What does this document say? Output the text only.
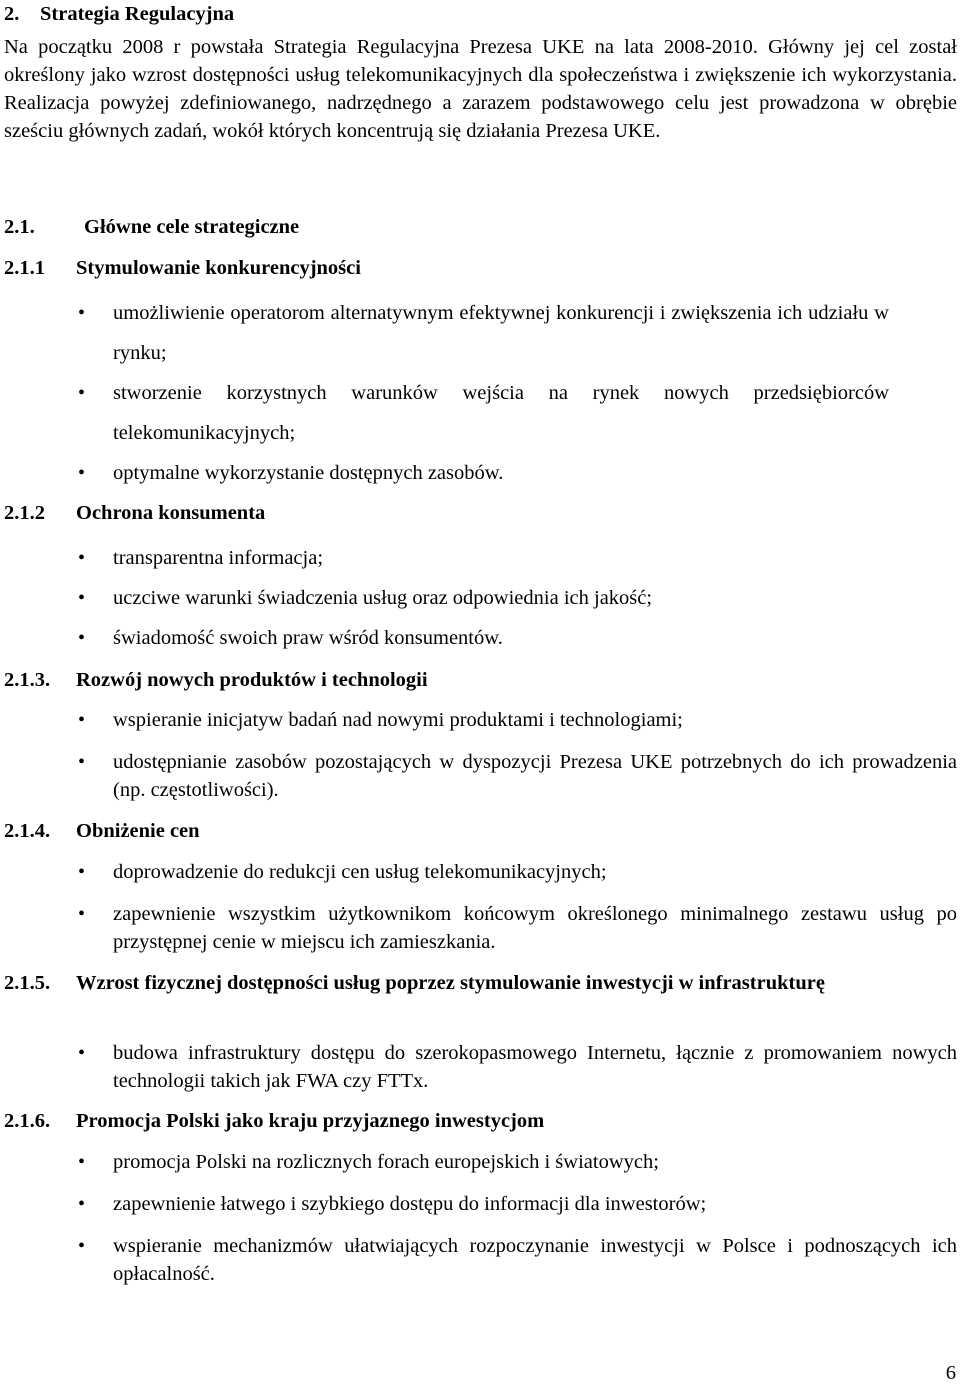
2. Strategia Regulacyjna

Na początku 2008 r powstała Strategia Regulacyjna Prezesa UKE na lata 2008-2010. Główny jej cel został określony jako wzrost dostępności usług telekomunikacyjnych dla społeczeństwa i zwiększenie ich wykorzystania. Realizacja powyżej zdefiniowanego, nadrzędnego a zarazem podstawowego celu jest prowadzona w obrębie sześciu głównych zadań, wokół których koncentrują się działania Prezesa UKE.

2.1. Główne cele strategiczne
2.1.1 Stymulowanie konkurencyjności
• umożliwienie operatorom alternatywnym efektywnej konkurencji i zwiększenia ich udziału w rynku;
• stworzenie korzystnych warunków wejścia na rynek nowych przedsiębiorców telekomunikacyjnych;
• optymalne wykorzystanie dostępnych zasobów.
2.1.2 Ochrona konsumenta
• transparentna informacja;
• uczciwe warunki świadczenia usług oraz odpowiednia ich jakość;
• świadomość swoich praw wśród konsumentów.
2.1.3. Rozwój nowych produktów i technologii
• wspieranie inicjatyw badań nad nowymi produktami i technologiami;
• udostępnianie zasobów pozostających w dyspozycji Prezesa UKE potrzebnych do ich prowadzenia (np. częstotliwości).
2.1.4. Obniżenie cen
• doprowadzenie do redukcji cen usług telekomunikacyjnych;
• zapewnienie wszystkim użytkownikom końcowym określonego minimalnego zestawu usług po przystępnej cenie w miejscu ich zamieszkania.
2.1.5. Wzrost fizycznej dostępności usług poprzez stymulowanie inwestycji w infrastrukturę
• budowa infrastruktury dostępu do szerokopasmowego Internetu, łącznie z promowaniem nowych technologii takich jak FWA czy FTTx.
2.1.6. Promocja Polski jako kraju przyjaznego inwestycjom
• promocja Polski na rozlicznych forach europejskich i światowych;
• zapewnienie łatwego i szybkiego dostępu do informacji dla inwestorów;
• wspieranie mechanizmów ułatwiających rozpoczynanie inwestycji w Polsce i podnoszących ich opłacalność.
6
